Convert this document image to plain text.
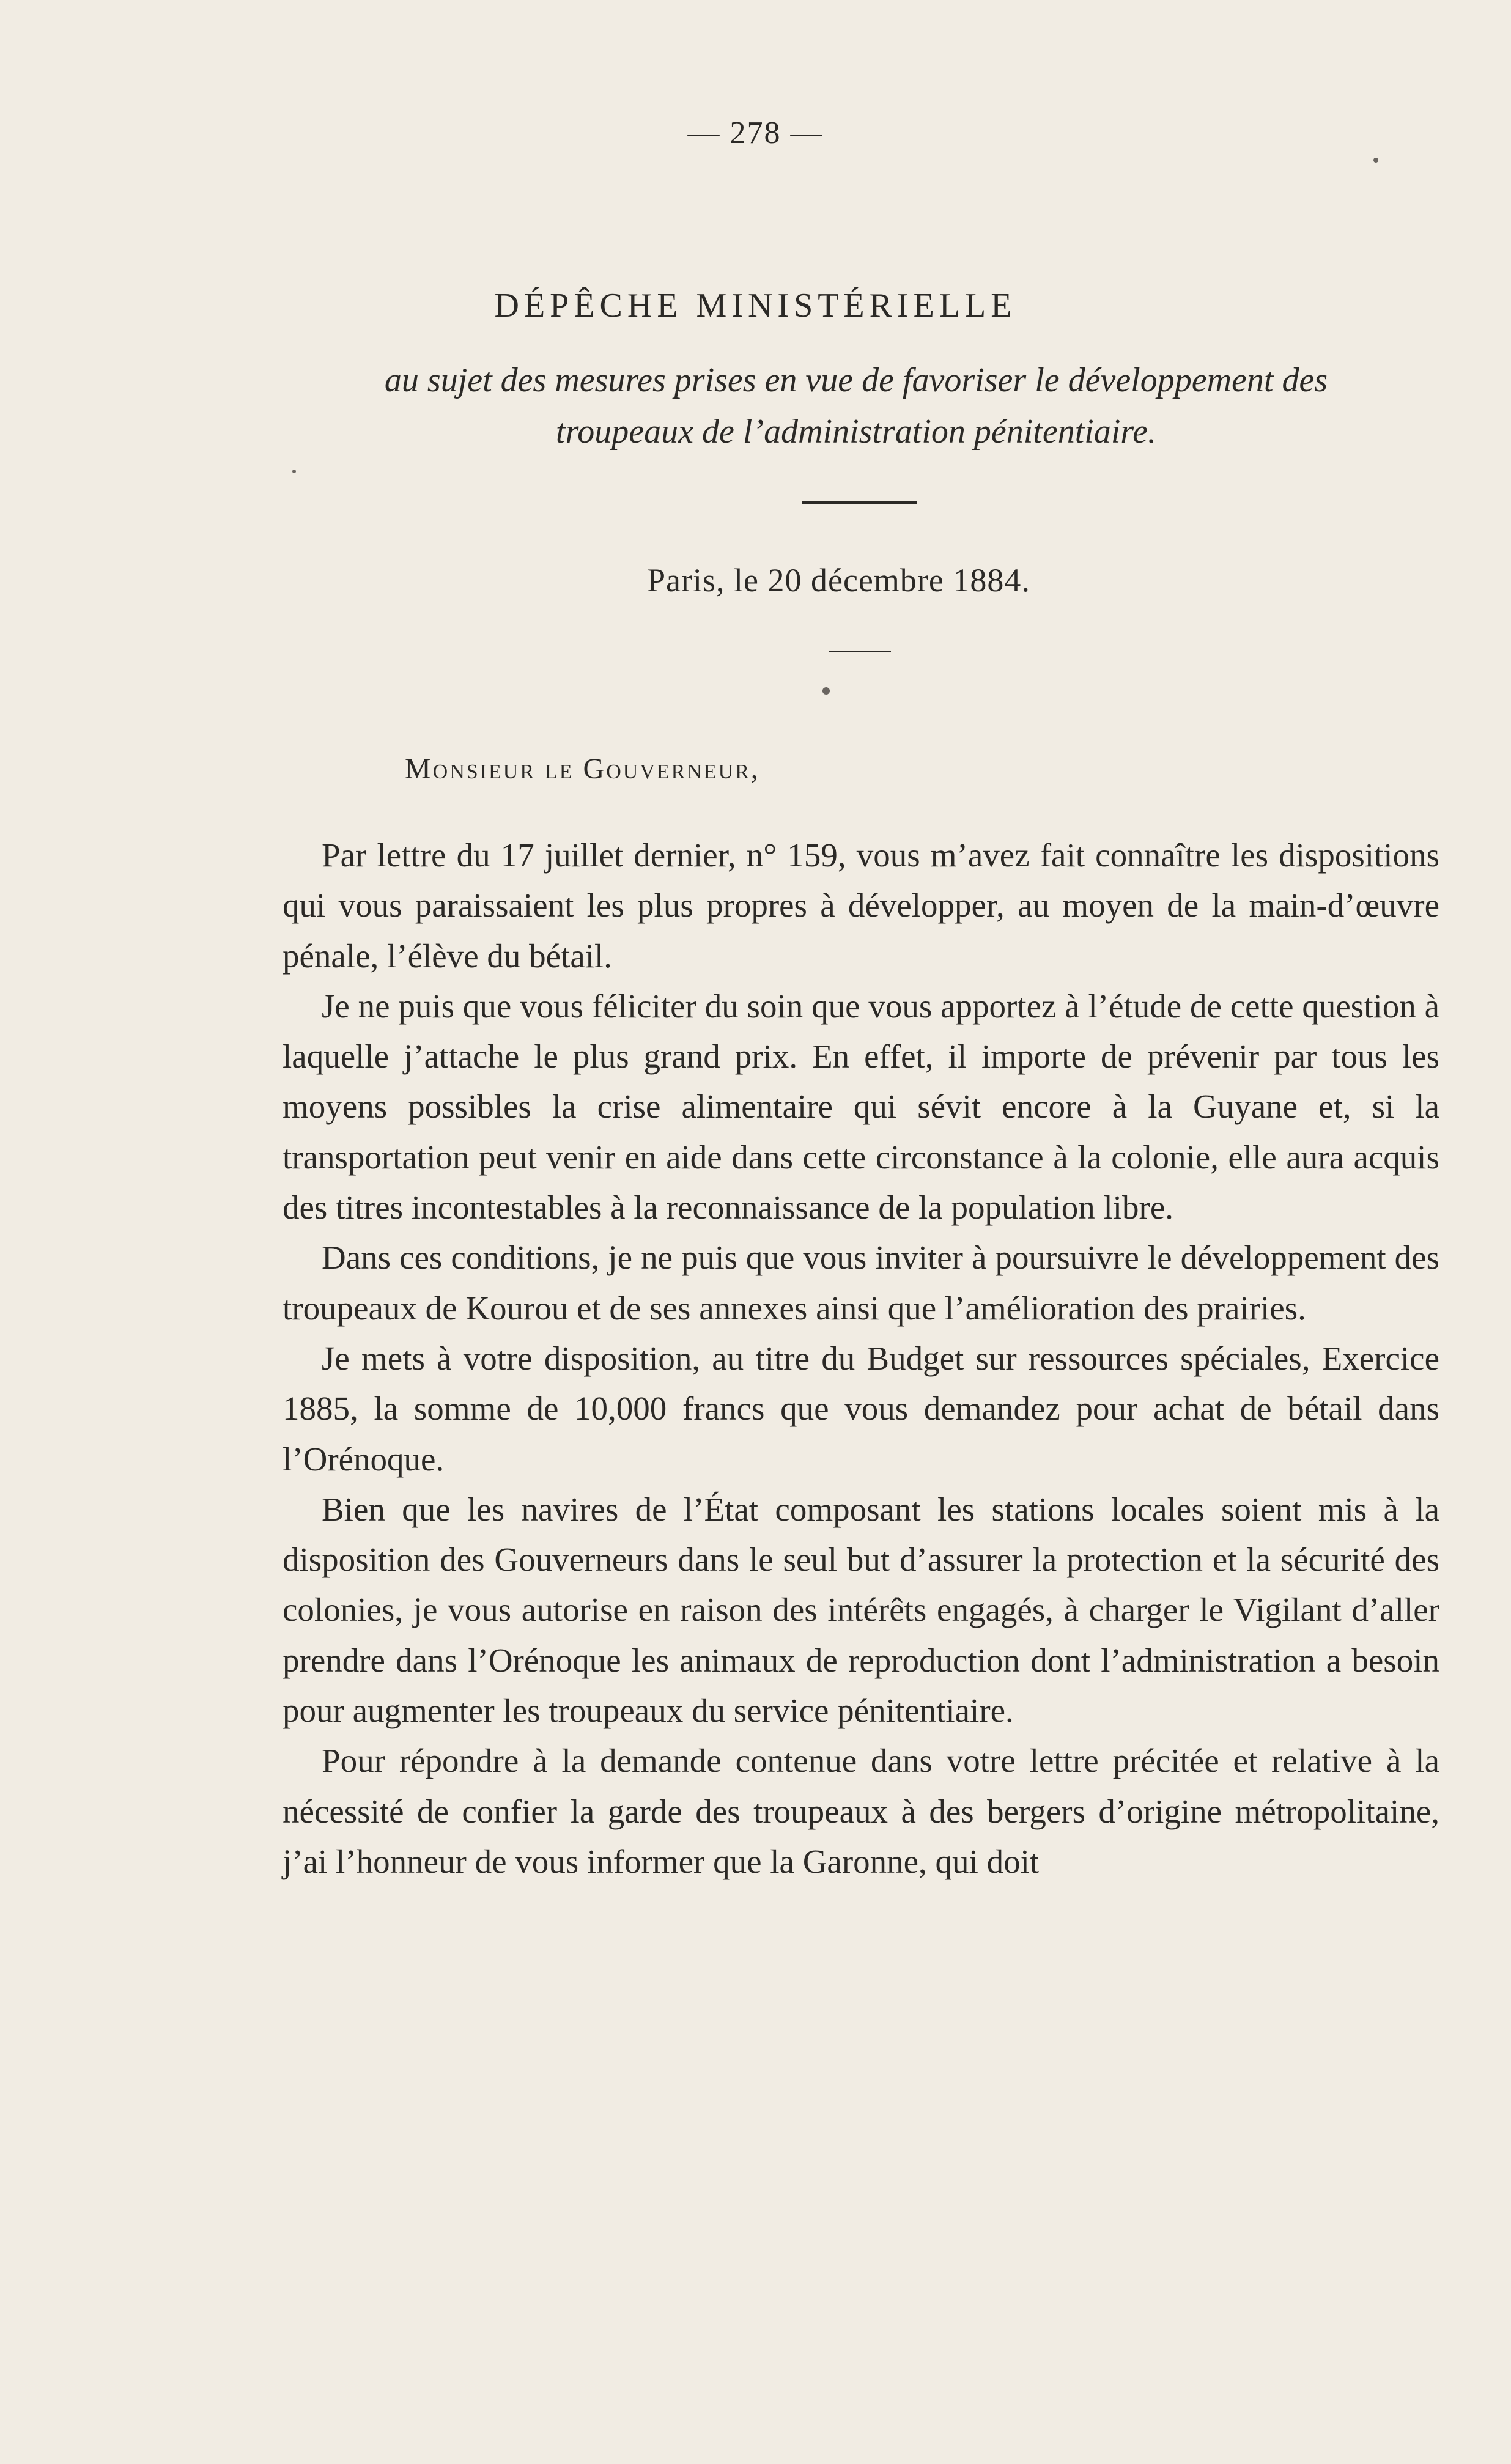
— 278 —
DÉPÊCHE MINISTÉRIELLE
au sujet des mesures prises en vue de favoriser le développement des troupeaux de l’administration pénitentiaire.
Paris, le 20 décembre 1884.
Monsieur le Gouverneur,

Par lettre du 17 juillet dernier, n° 159, vous m’avez fait connaître les dispositions qui vous paraissaient les plus propres à développer, au moyen de la main-d’œuvre pénale, l’élève du bétail.

Je ne puis que vous féliciter du soin que vous apportez à l’étude de cette question à laquelle j’attache le plus grand prix. En effet, il importe de prévenir par tous les moyens possibles la crise alimentaire qui sévit encore à la Guyane et, si la transportation peut venir en aide dans cette circonstance à la colonie, elle aura acquis des titres incontestables à la reconnaissance de la population libre.

Dans ces conditions, je ne puis que vous inviter à poursuivre le développement des troupeaux de Kourou et de ses annexes ainsi que l’amélioration des prairies.

Je mets à votre disposition, au titre du Budget sur ressources spéciales, Exercice 1885, la somme de 10,000 francs que vous demandez pour achat de bétail dans l’Orénoque.

Bien que les navires de l’État composant les stations locales soient mis à la disposition des Gouverneurs dans le seul but d’assurer la protection et la sécurité des colonies, je vous autorise en raison des intérêts engagés, à charger le Vigilant d’aller prendre dans l’Orénoque les animaux de reproduction dont l’administration a besoin pour augmenter les troupeaux du service pénitentiaire.

Pour répondre à la demande contenue dans votre lettre précitée et relative à la nécessité de confier la garde des troupeaux à des bergers d’origine métropolitaine, j’ai l’honneur de vous informer que la Garonne, qui doit
